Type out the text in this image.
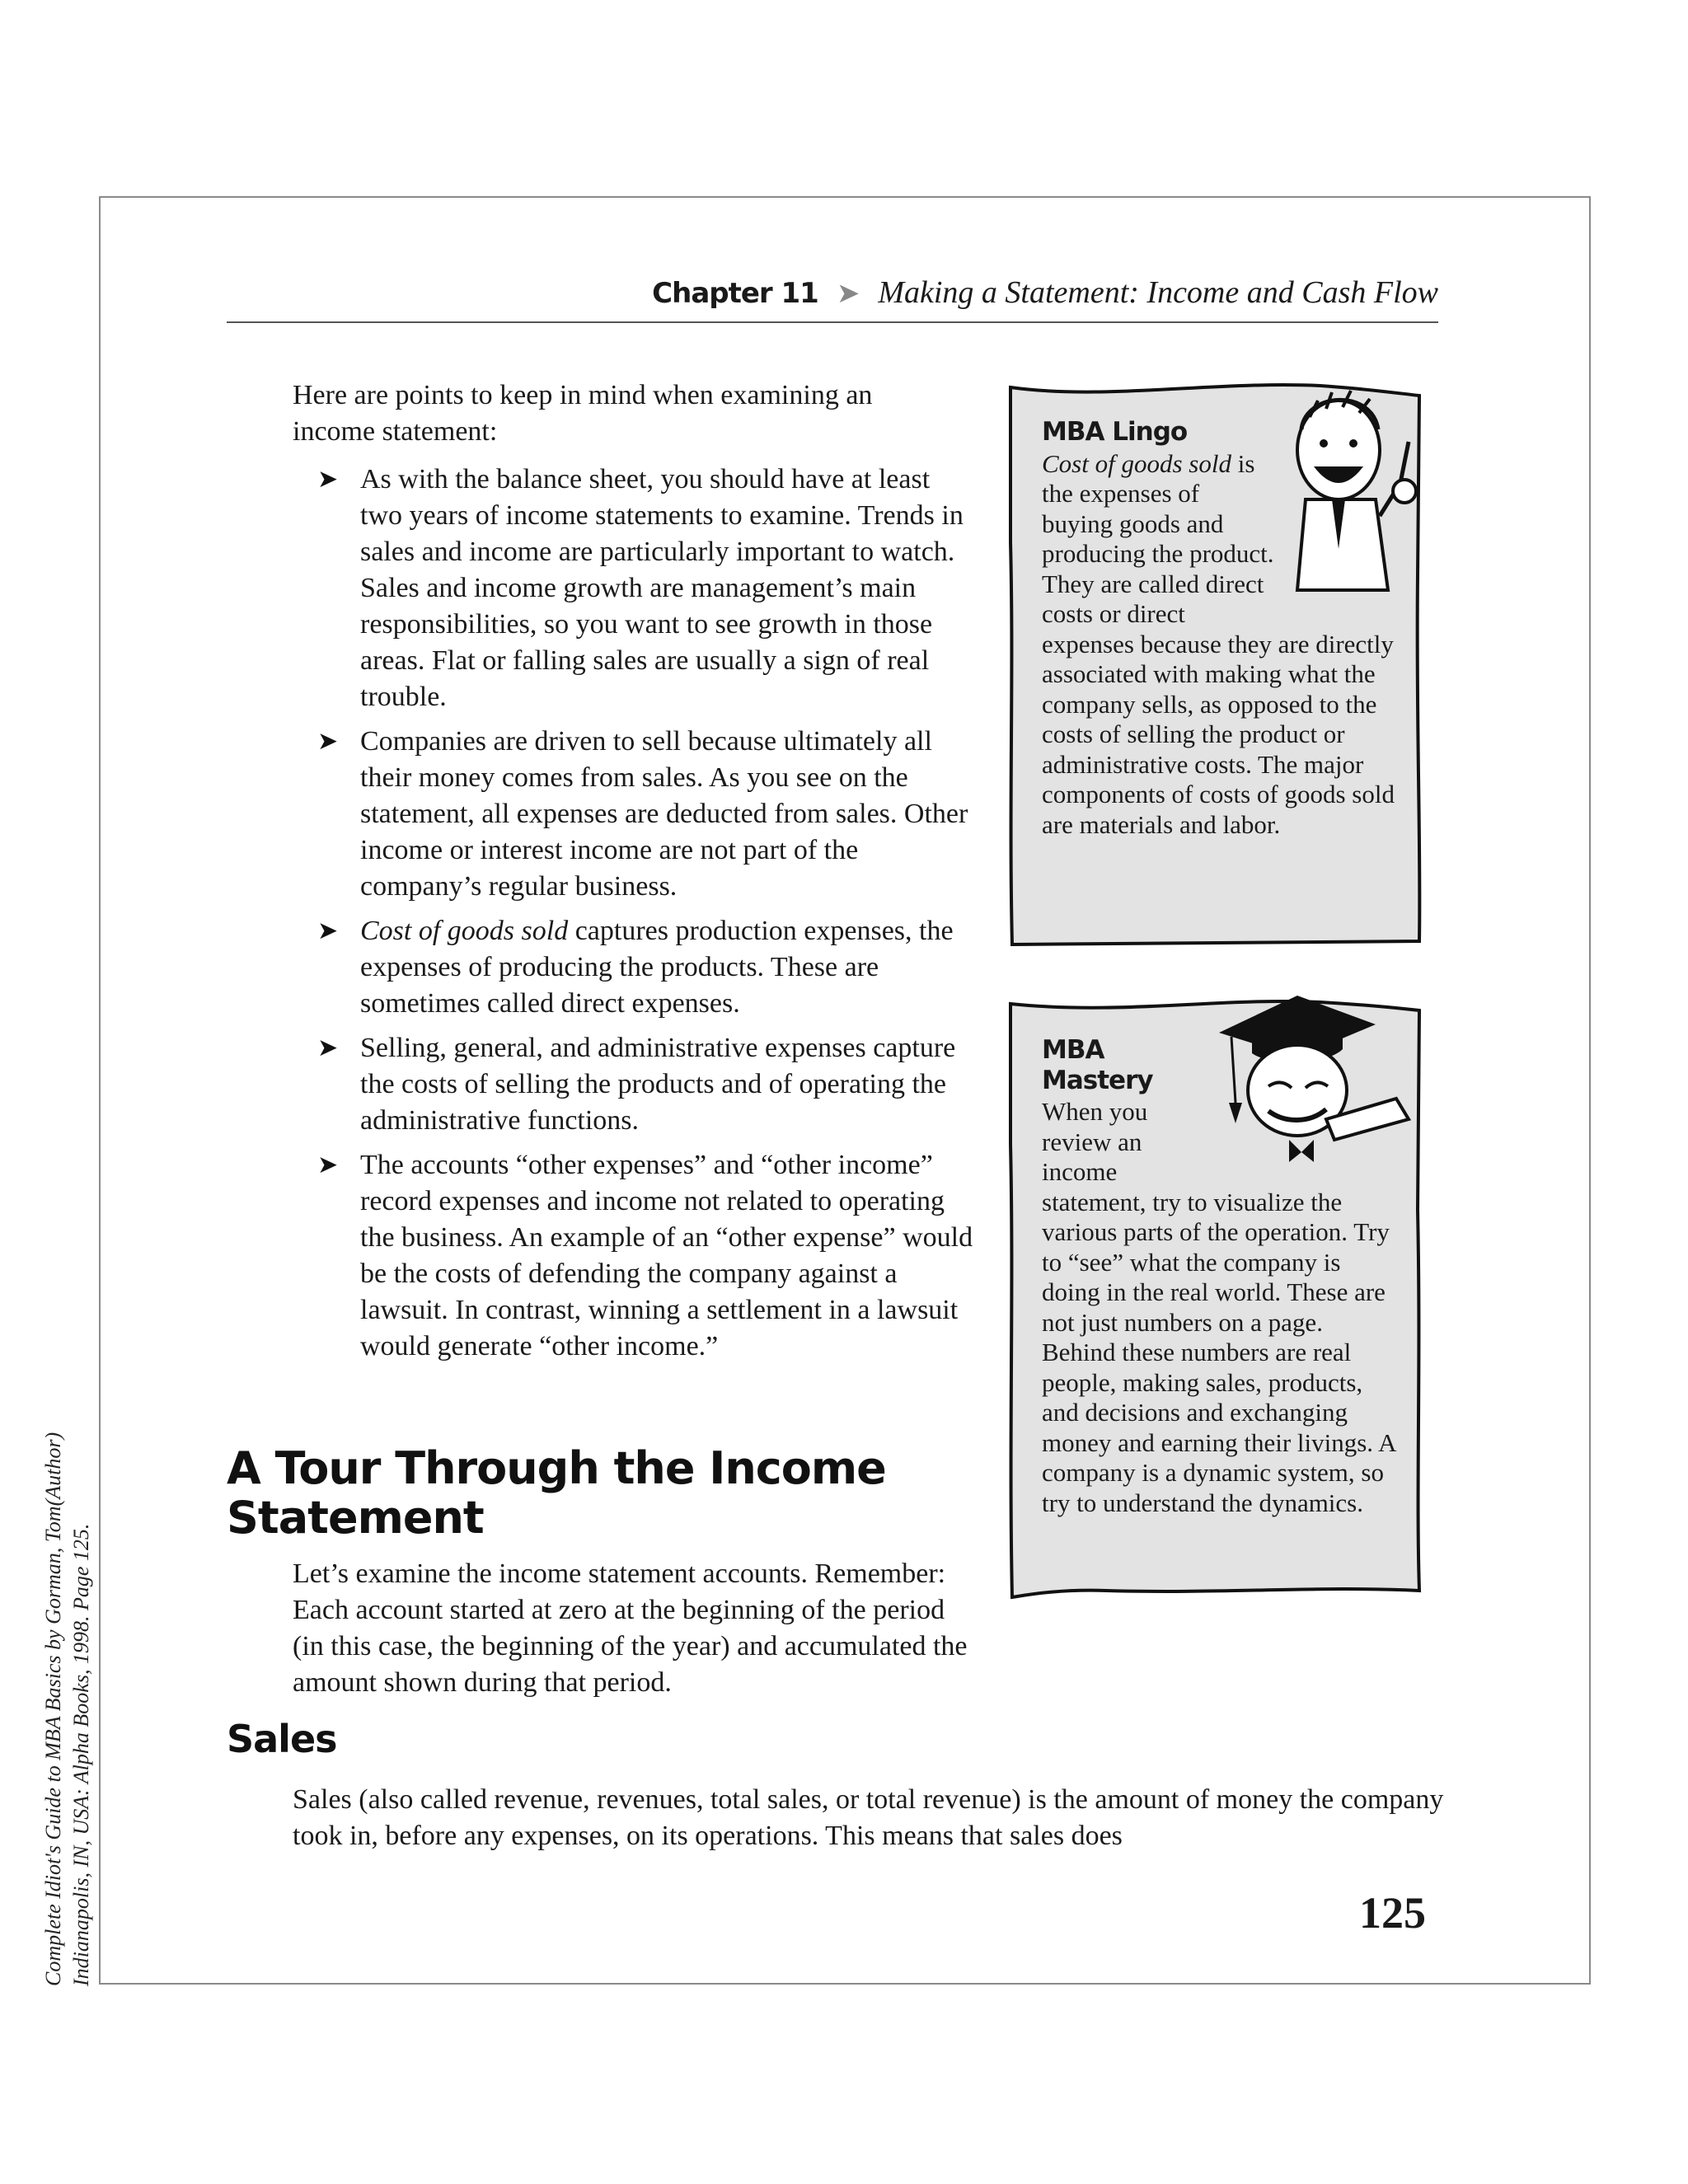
Complete Idiot's Guide to MBA Basics by Gorman, Tom(Author) Indianapolis, IN, USA: Alpha Books, 1998. Page 125.
Chapter 11 ➤ Making a Statement: Income and Cash Flow
Here are points to keep in mind when examining an income statement:
➤ As with the balance sheet, you should have at least two years of income statements to examine. Trends in sales and income are particularly important to watch. Sales and income growth are management’s main responsibilities, so you want to see growth in those areas. Flat or falling sales are usually a sign of real trouble.
➤ Companies are driven to sell because ultimately all their money comes from sales. As you see on the statement, all expenses are deducted from sales. Other income or interest income are not part of the company’s regular business.
➤ Cost of goods sold captures production expenses, the expenses of producing the products. These are sometimes called direct expenses.
➤ Selling, general, and administrative expenses capture the costs of selling the products and of operating the administrative functions.
➤ The accounts “other expenses” and “other income” record expenses and income not related to operating the business. An example of an “other expense” would be the costs of defending the company against a lawsuit. In contrast, winning a settlement in a lawsuit would generate “other income.”
A Tour Through the Income Statement
Let’s examine the income statement accounts. Remember: Each account started at zero at the beginning of the period (in this case, the beginning of the year) and accumulated the amount shown during that period.
Sales
Sales (also called revenue, revenues, total sales, or total revenue) is the amount of money the company took in, before any expenses, on its operations. This means that sales does
125
MBA Lingo
Cost of goods sold is the expenses of buying goods and producing the product. They are called direct costs or direct expenses because they are directly associated with making what the company sells, as opposed to the costs of selling the product or administrative costs. The major components of costs of goods sold are materials and labor.
MBA Mastery
When you review an income statement, try to visualize the various parts of the operation. Try to “see” what the company is doing in the real world. These are not just numbers on a page. Behind these numbers are real people, making sales, products, and decisions and exchanging money and earning their livings. A company is a dynamic system, so try to understand the dynamics.
